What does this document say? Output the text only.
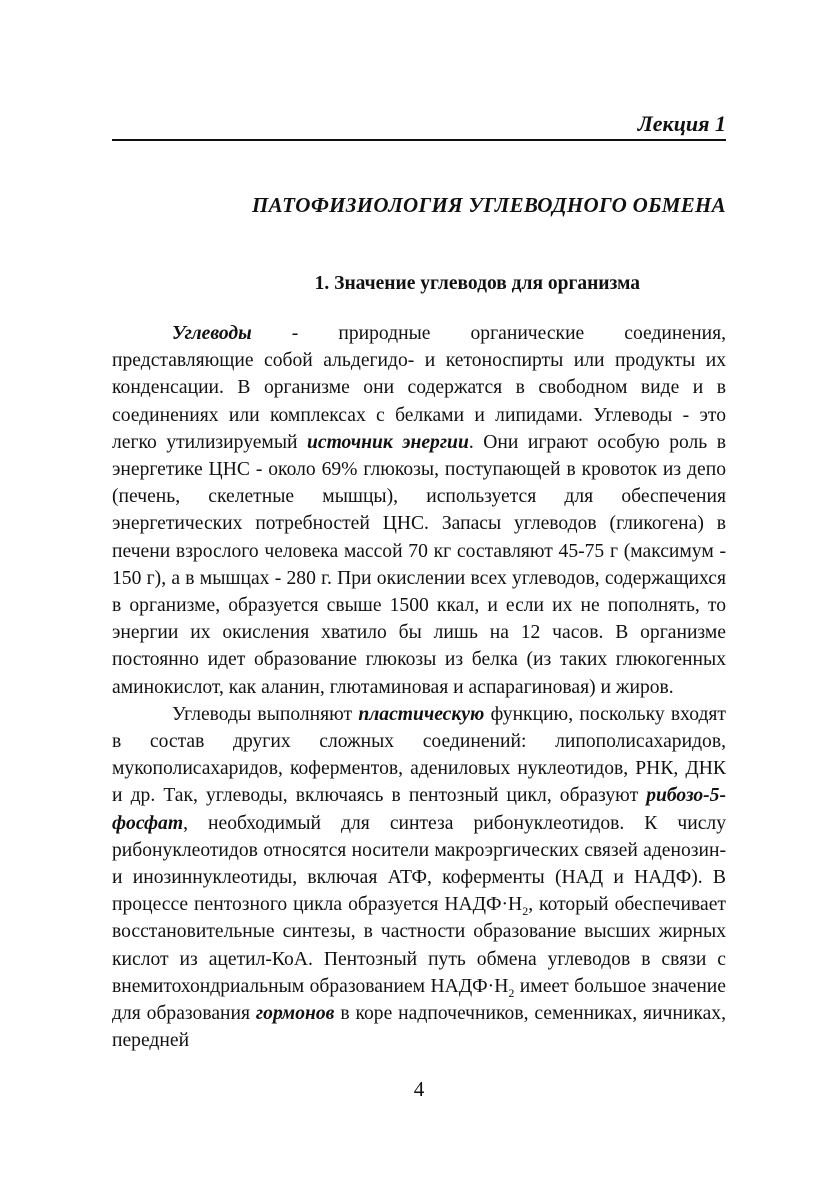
Лекция 1
ПАТОФИЗИОЛОГИЯ УГЛЕВОДНОГО ОБМЕНА
1. Значение углеводов для организма

Углеводы - природные органические соединения, представляющие собой альдегидо- и кетоноспирты или продукты их конденсации. В организме они содержатся в свободном виде и в соединениях или комплексах с белками и липидами. Углеводы - это легко утилизируемый источник энергии. Они играют особую роль в энергетике ЦНС - около 69% глюкозы, поступающей в кровоток из депо (печень, скелетные мышцы), используется для обеспечения энергетических потребностей ЦНС. Запасы углеводов (гликогена) в печени взрослого человека массой 70 кг составляют 45-75 г (максимум - 150 г), а в мышцах - 280 г. При окислении всех углеводов, содержащихся в организме, образуется свыше 1500 ккал, и если их не пополнять, то энергии их окисления хватило бы лишь на 12 часов. В организме постоянно идет образование глюкозы из белка (из таких глюкогенных аминокислот, как аланин, глютаминовая и аспарагиновая) и жиров.

Углеводы выполняют пластическую функцию, поскольку входят в состав других сложных соединений: липополисахаридов, мукополисахаридов, коферментов, адениловых нуклеотидов, РНК, ДНК и др. Так, углеводы, включаясь в пентозный цикл, образуют рибозо-5-фосфат, необходимый для синтеза рибонуклеотидов. К числу рибонуклеотидов относятся носители макроэргических связей аденозин- и инозиннуклеотиды, включая АТФ, коферменты (НАД и НАДФ). В процессе пентозного цикла образуется $НАДФ\cdot Н_2$, который обеспечивает восстановительные синтезы, в частности образование высших жирных кислот из ацетил-КоА. Пентозный путь обмена углеводов в связи с внемитохондриальным образованием $НАДФ\cdot Н_2$ имеет большое значение для образования гормонов в коре надпочечников, семенниках, яичниках, передней

4
